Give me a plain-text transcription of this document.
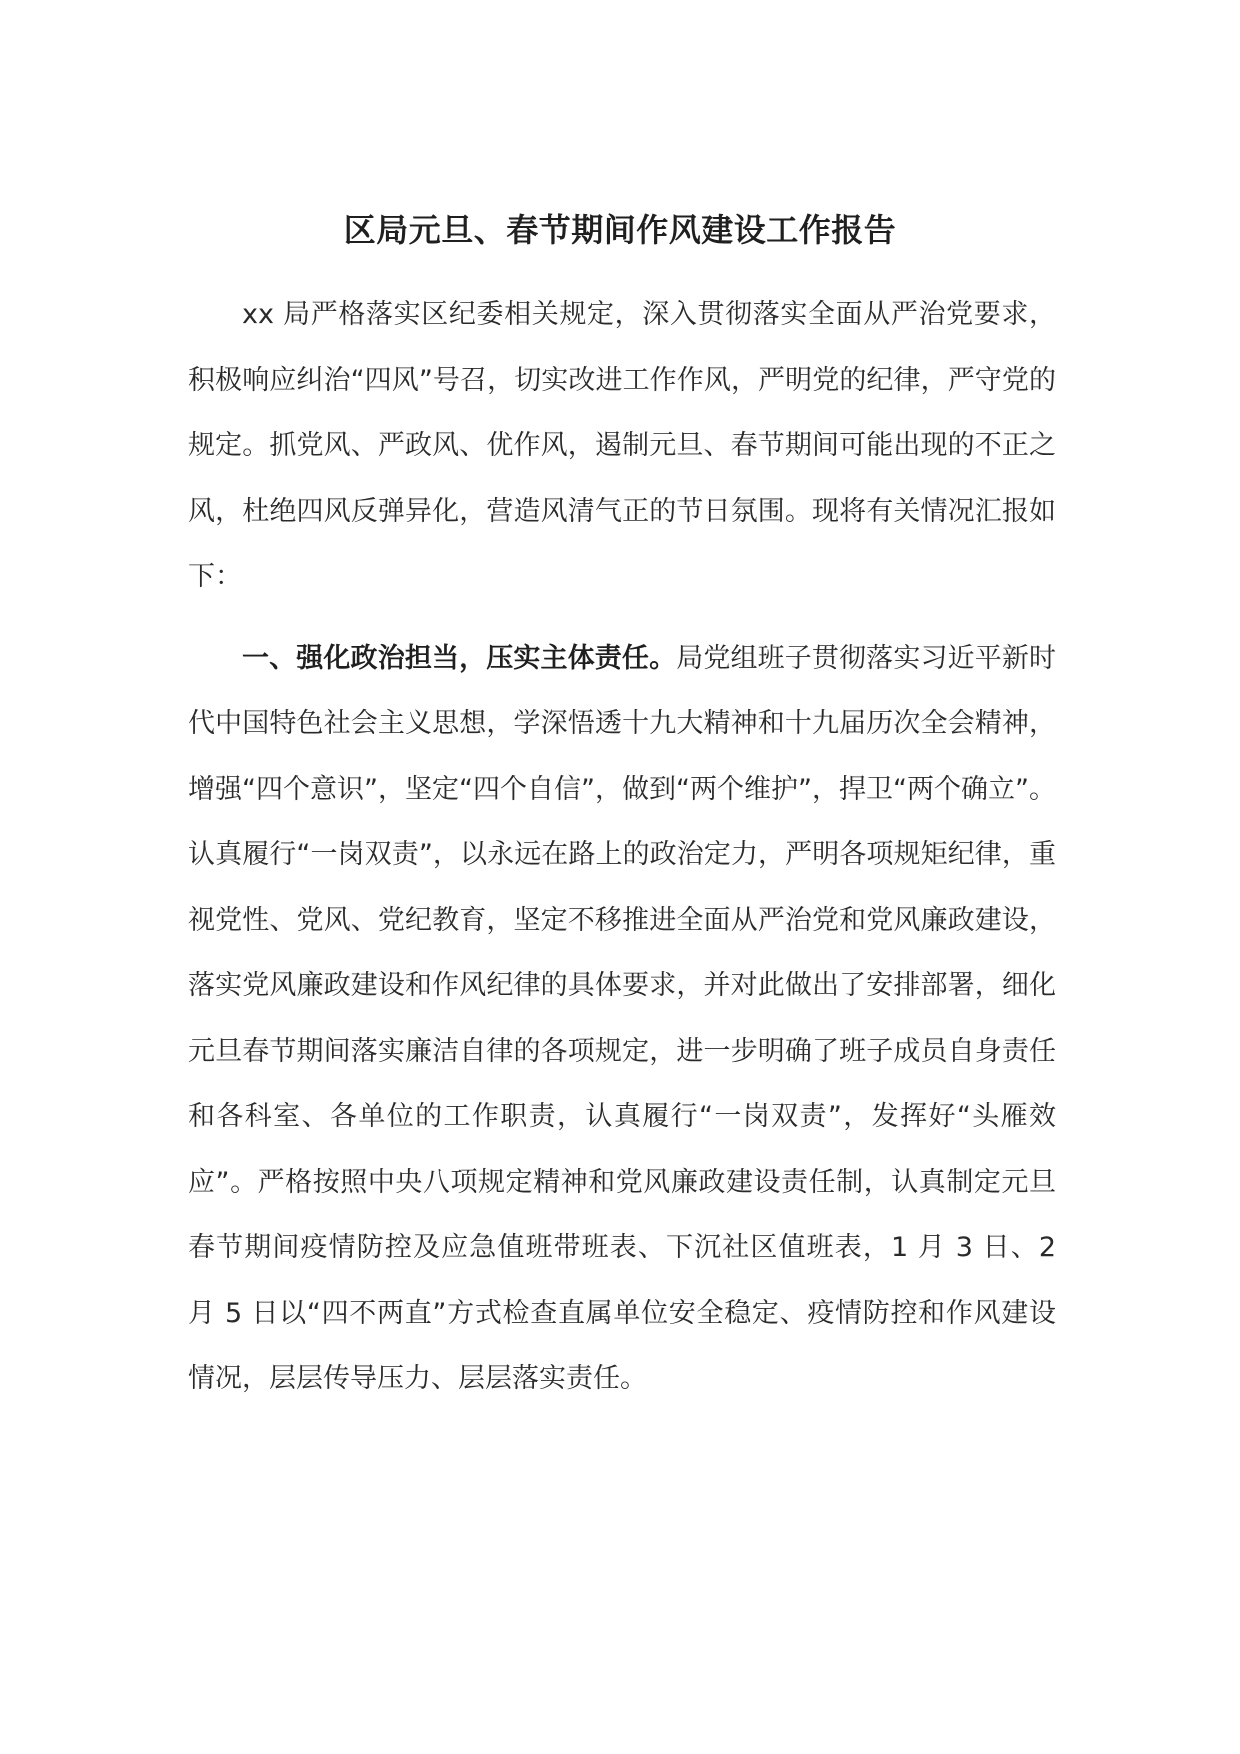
区局元旦、春节期间作风建设工作报告

xx 局严格落实区纪委相关规定，深入贯彻落实全面从严治党要求，积极响应纠治“四风”号召，切实改进工作作风，严明党的纪律，严守党的规定。抓党风、严政风、优作风，遏制元旦、春节期间可能出现的不正之风，杜绝四风反弹异化，营造风清气正的节日氛围。现将有关情况汇报如下：

一、强化政治担当，压实主体责任。局党组班子贯彻落实习近平新时代中国特色社会主义思想，学深悟透十九大精神和十九届历次全会精神，增强“四个意识”，坚定“四个自信”，做到“两个维护”，捍卫“两个确立”。认真履行“一岗双责”，以永远在路上的政治定力，严明各项规矩纪律，重视党性、党风、党纪教育，坚定不移推进全面从严治党和党风廉政建设，落实党风廉政建设和作风纪律的具体要求，并对此做出了安排部署，细化元旦春节期间落实廉洁自律的各项规定，进一步明确了班子成员自身责任和各科室、各单位的工作职责，认真履行“一岗双责”，发挥好“头雁效应”。严格按照中央八项规定精神和党风廉政建设责任制，认真制定元旦春节期间疫情防控及应急值班带班表、下沉社区值班表，1 月 3 日、2 月 5 日以“四不两直”方式检查直属单位安全稳定、疫情防控和作风建设情况，层层传导压力、层层落实责任。
